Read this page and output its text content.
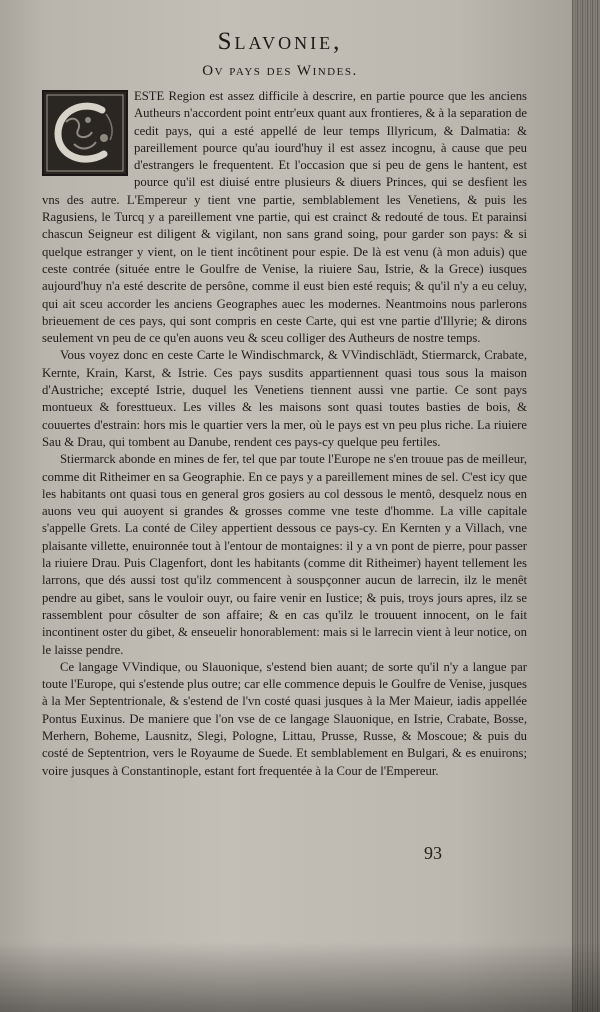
Slavonie,
Ov pays des Windes.

ESTE Region est assez difficile à descrire, en partie pource que les anciens Autheurs n'accordent point entr'eux quant aux frontieres, & à la separation de cedit pays, qui a esté appellé de leur temps Illyricum, & Dalmatia: & pareillement pource qu'au iourd'huy il est assez incognu, à cause que peu d'estrangers le frequentent. Et l'occasion que si peu de gens le hantent, est pource qu'il est diuisé entre plusieurs & diuers Princes, qui se desfient les vns des autre. L'Empereur y tient vne partie, semblablement les Venetiens, & puis les Ragusiens, le Turcq y a pareillement vne partie, qui est crainct & redouté de tous. Et parainsi chascun Seigneur est diligent & vigilant, non sans grand soing, pour garder son pays: & si quelque estranger y vient, on le tient incôtinent pour espie. De là est venu (à mon aduis) que ceste contrée (située entre le Goulfre de Venise, la riuiere Sau, Istrie, & la Grece) iusques aujourd'huy n'a esté descrite de persône, comme il eust bien esté requis; & qu'il n'y a eu celuy, qui ait sceu accorder les anciens Geographes auec les modernes. Neantmoins nous parlerons brieuement de ces pays, qui sont compris en ceste Carte, qui est vne partie d'Illyrie; & dirons seulement vn peu de ce qu'en auons veu & sceu colliger des Autheurs de nostre temps.

Vous voyez donc en ceste Carte le Windischmarck, & VVindischlädt, Stiermarck, Crabate, Kernte, Krain, Karst, & Istrie. Ces pays susdits appartiennent quasi tous sous la maison d'Austriche; excepté Istrie, duquel les Venetiens tiennent aussi vne partie. Ce sont pays montueux & foresttueux. Les villes & les maisons sont quasi toutes basties de bois, & couuertes d'estrain: hors mis le quartier vers la mer, où le pays est vn peu plus riche. La riuiere Sau & Drau, qui tombent au Danube, rendent ces pays-cy quelque peu fertiles.

Stiermarck abonde en mines de fer, tel que par toute l'Europe ne s'en trouue pas de meilleur, comme dit Ritheimer en sa Geographie. En ce pays y a pareillement mines de sel. C'est icy que les habitants ont quasi tous en general gros gosiers au col dessous le mentô, desquelz nous en auons veu qui auoyent si grandes & grosses comme vne teste d'homme. La ville capitale s'appelle Grets. La conté de Ciley appertient dessous ce pays-cy. En Kernten y a Villach, vne plaisante villette, enuironnée tout à l'entour de montaignes: il y a vn pont de pierre, pour passer la riuiere Drau. Puis Clagenfort, dont les habitants (comme dit Ritheimer) hayent tellement les larrons, que dés aussi tost qu'ilz commencent à souspçonner aucun de larrecin, ilz le menêt pendre au gibet, sans le vouloir ouyr, ou faire venir en Iustice; & puis, troys jours apres, ilz se rassemblent pour côsulter de son affaire; & en cas qu'ilz le trouuent innocent, on le fait incontinent oster du gibet, & enseuelir honorablement: mais si le larrecin vient à leur notice, on le laisse pendre.

Ce langage VVindique, ou Slauonique, s'estend bien auant; de sorte qu'il n'y a langue par toute l'Europe, qui s'estende plus outre; car elle commence depuis le Goulfre de Venise, jusques à la Mer Septentrionale, & s'estend de l'vn costé quasi jusques à la Mer Maieur, iadis appellée Pontus Euxinus. De maniere que l'on vse de ce langage Slauonique, en Istrie, Crabate, Bosse, Merhern, Boheme, Lausnitz, Slegi, Pologne, Littau, Prusse, Russe, & Moscoue; & puis du costé de Septentrion, vers le Royaume de Suede. Et semblablement en Bulgari, & es enuirons; voire jusques à Constantinople, estant fort frequentée à la Cour de l'Empereur.

93
